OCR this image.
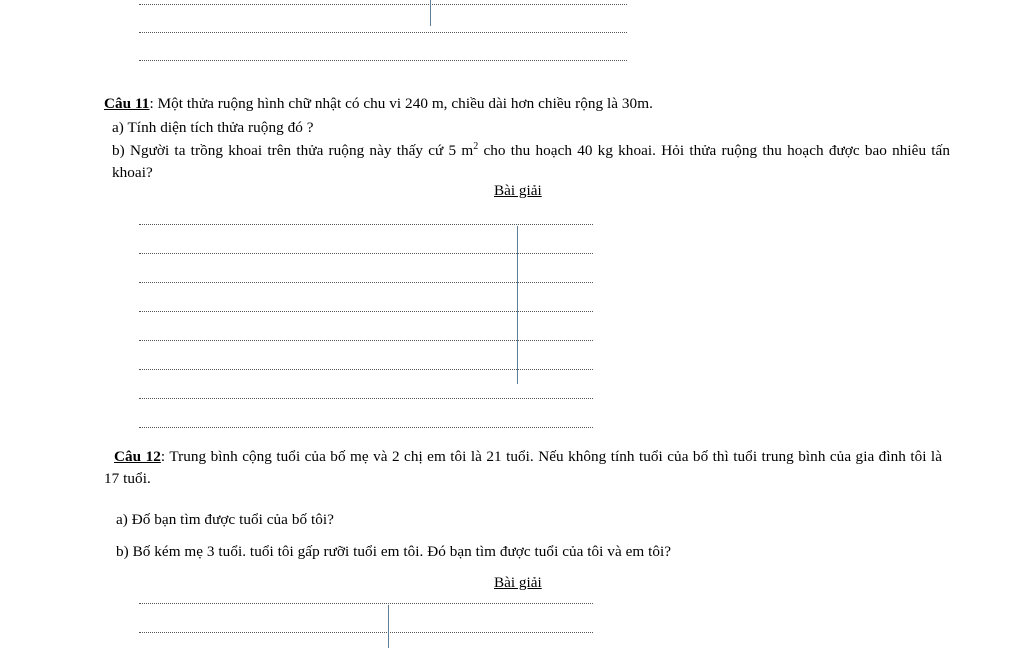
Câu 11: Một thửa ruộng hình chữ nhật có chu vi 240 m, chiều dài hơn chiều rộng là 30m.
a) Tính diện tích thửa ruộng đó ?
b) Người ta trồng khoai trên thửa ruộng này thấy cứ 5 $m^2$ cho thu hoạch 40 kg khoai. Hỏi thửa ruộng thu hoạch được bao nhiêu tấn khoai?
Bài giải
Câu 12: Trung bình cộng tuổi của bố mẹ và 2 chị em tôi là 21 tuổi. Nếu không tính tuổi của bố thì tuổi trung bình của gia đình tôi là 17 tuổi.
a) Đố bạn tìm được tuổi của bố tôi?
b) Bố kém mẹ 3 tuổi. tuổi tôi gấp rưỡi tuổi em tôi. Đó bạn tìm được tuổi của tôi và em tôi?
Bài giải
